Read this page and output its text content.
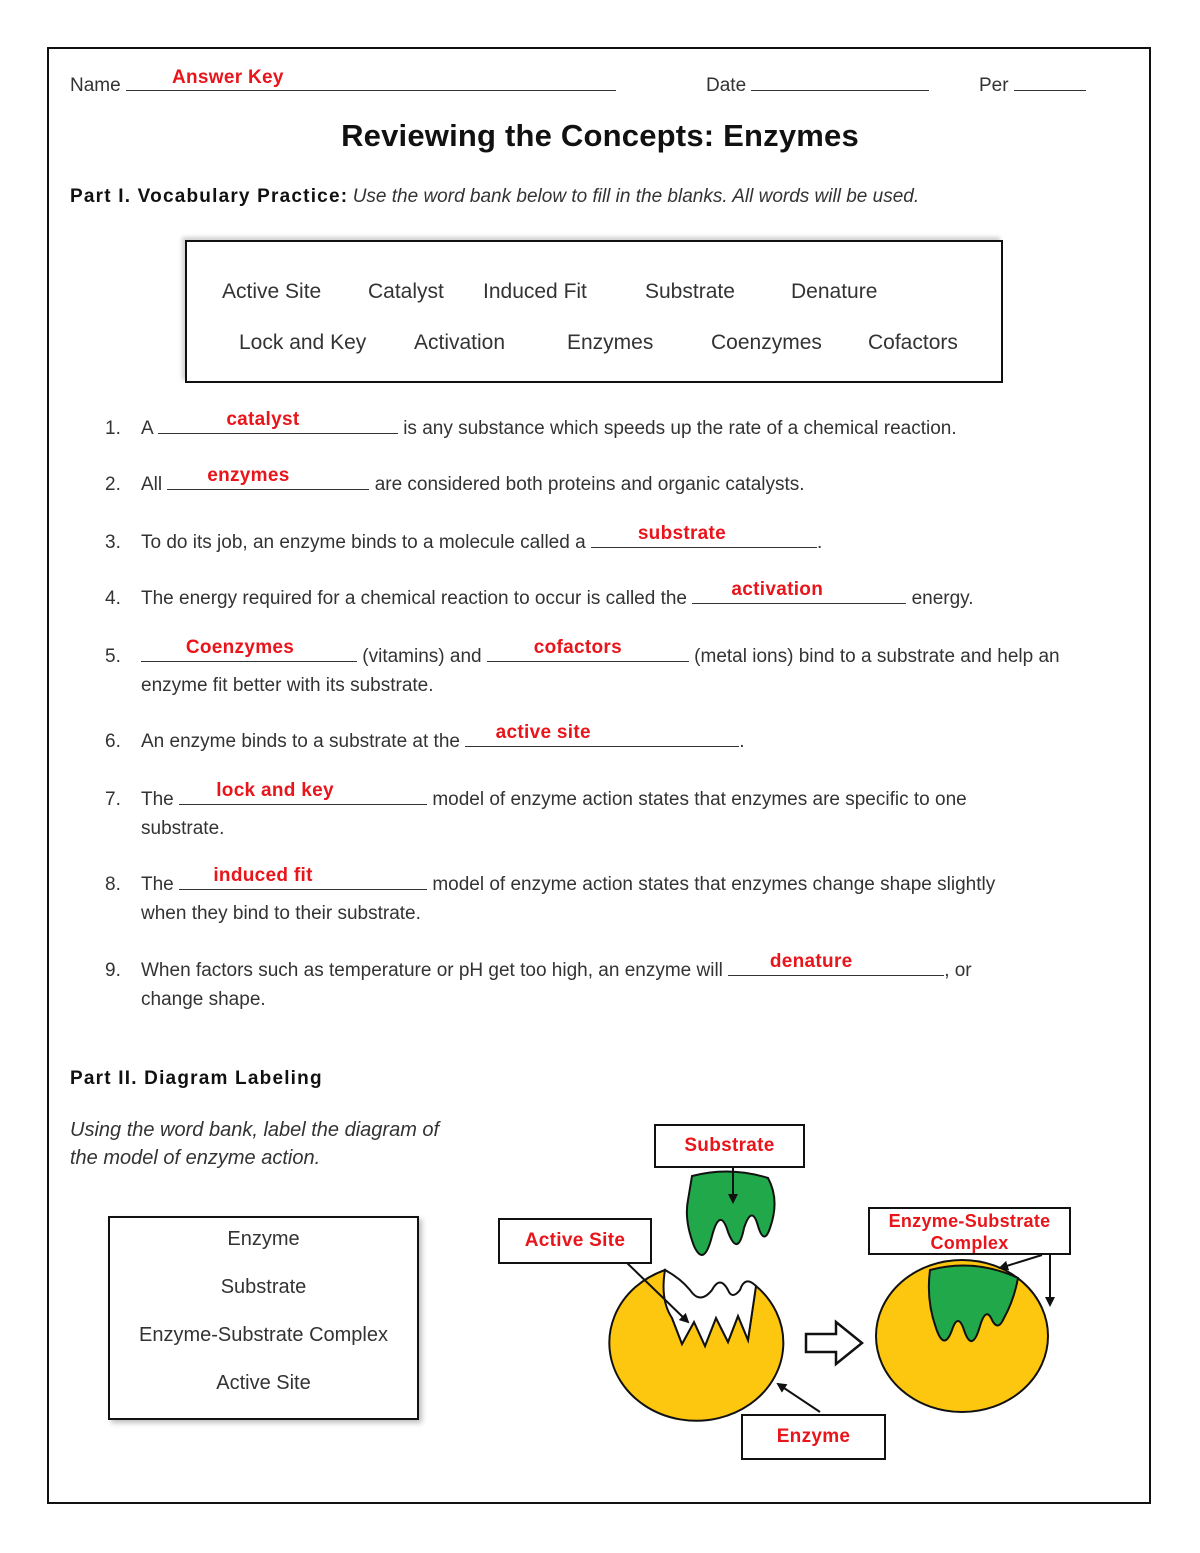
Name	Answer Key	Date	Per
Reviewing the Concepts: Enzymes
Part I. Vocabulary Practice: Use the word bank below to fill in the blanks. All words will be used.
Active Site Catalyst Induced Fit	Substrate	Denature
Lock and Key Activation	Enzymes	Coenzymes Cofactors
1.	A	catalyst	is any substance which speeds up the rate of a chemical reaction.
2.	All	enzymes	are considered both proteins and organic catalysts.
3.	To do its job, an enzyme binds to a molecule called a	substrate	.
4.	The energy required for a chemical reaction to occur is called the	activation	energy.
5.	Coenzymes	(vitamins) and	cofactors	(metal ions) bind to a substrate and help an
enzyme fit better with its substrate.
6.	An enzyme binds to a substrate at the	active site	.
7.	The	lock and key	model of enzyme action states that enzymes are specific to one
substrate.
8.	The	induced fit	model of enzyme action states that enzymes change shape slightly
when they bind to their substrate.
9.	When factors such as temperature or pH get too high, an enzyme will	denature	, or
change shape.
Part II. Diagram Labeling
Using the word bank, label the diagram of
the model of enzyme action.
Enzyme
Substrate
Enzyme-Substrate Complex
Active Site
Substrate
Active Site
Enzyme-Substrate
Complex
Enzyme
